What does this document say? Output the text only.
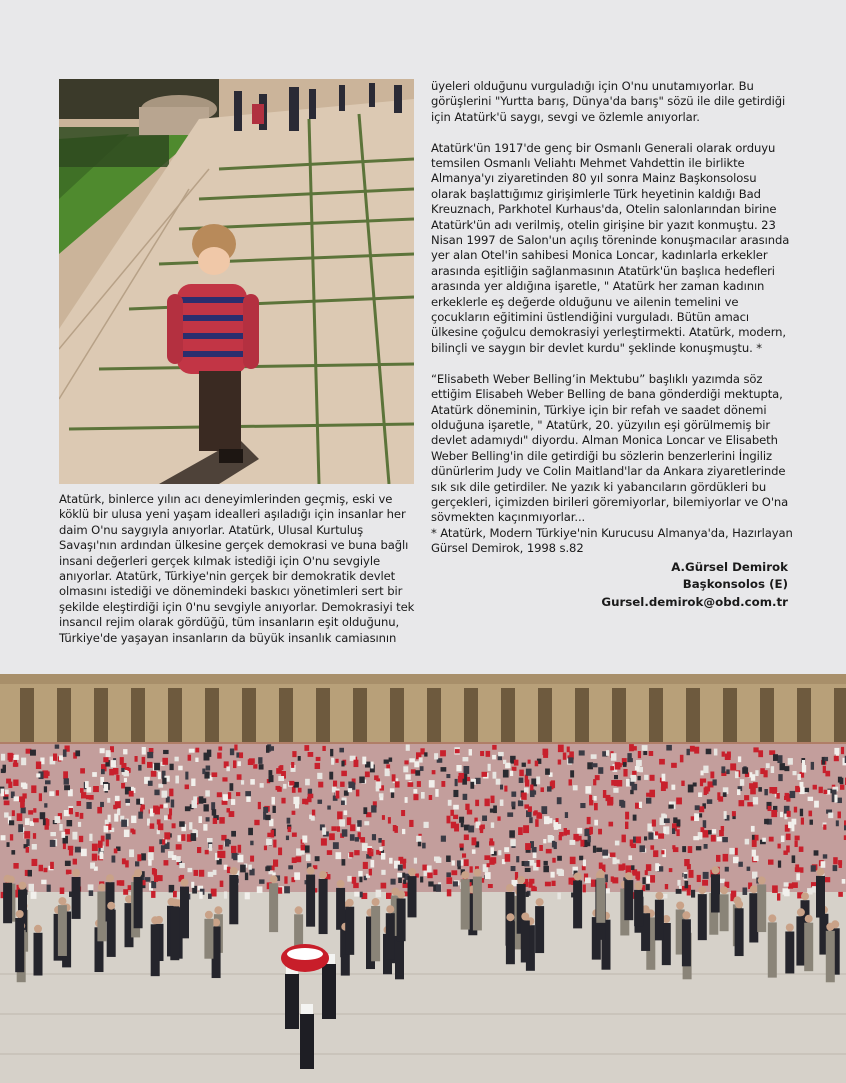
Atatürk, binlerce yılın acı deneyimlerinden geçmiş, eski ve köklü bir ulusa yeni yaşam idealleri aşıladığı için insanlar her daim O'nu saygıyla anıyorlar. Atatürk, Ulusal Kurtuluş Savaşı'nın ardından ülkesine gerçek demokrasi ve buna bağlı insani değerleri gerçek kılmak istediği için O'nu sevgiyle anıyorlar. Atatürk, Türkiye'nin gerçek bir demokratik devlet olmasını istediği ve dönemindeki baskıcı yönetimleri sert bir şekilde eleştirdiği için 0'nu sevgiyle anıyorlar. Demokrasiyi tek insancıl rejim olarak gördüğü, tüm insanların eşit olduğunu, Türkiye'de yaşayan insanların da büyük insanlık camiasının

üyeleri olduğunu vurguladığı için O'nu unutamıyorlar. Bu görüşlerini "Yurtta barış, Dünya'da barış" sözü ile dile getirdiği için Atatürk'ü saygı, sevgi ve özlemle anıyorlar.

Atatürk'ün 1917'de genç bir Osmanlı Generali olarak orduyu temsilen Osmanlı Veliahtı Mehmet Vahdettin ile birlikte Almanya'yı ziyaretinden 80 yıl sonra Mainz Başkonsolosu olarak başlattığımız girişimlerle Türk heyetinin kaldığı Bad Kreuznach, Parkhotel Kurhaus'da, Otelin salonlarından birine Atatürk'ün adı verilmiş, otelin girişine bir yazıt konmuştu. 23 Nisan 1997 de Salon'un açılış töreninde konuşmacılar arasında yer alan Otel'in sahibesi Monica Loncar, kadınlarla erkekler arasında eşitliğin sağlanmasının Atatürk'ün başlıca hedefleri arasında yer aldığına işaretle, " Atatürk her zaman kadının erkeklerle eş değerde olduğunu ve ailenin temelini ve çocukların eğitimini üstlendiğini vurguladı. Bütün amacı ülkesine çoğulcu demokrasiyi yerleştirmekti. Atatürk, modern, bilinçli ve saygın bir devlet kurdu" şeklinde konuşmuştu. *

“Elisabeth Weber Belling’in Mektubu” başlıklı yazımda söz ettiğim Elisabeh Weber Belling de bana gönderdiği mektupta, Atatürk döneminin, Türkiye için bir refah ve saadet dönemi olduğuna işaretle, " Atatürk, 20. yüzyılın eşi görülmemiş bir devlet adamıydı" diyordu. Alman Monica Loncar ve Elisabeth Weber Belling'in dile getirdiği bu sözlerin benzerlerini İngiliz dünürlerim Judy ve Colin Maitland'lar da Ankara ziyaretlerinde sık sık dile getirdiler. Ne yazık ki yabancıların gördükleri bu gerçekleri, içimizden birileri göremiyorlar, bilemiyorlar ve O'na sövmekten kaçınmıyorlar...

* Atatürk, Modern Türkiye'nin Kurucusu Almanya'da, Hazırlayan Gürsel Demirok, 1998 s.82

A.Gürsel Demirok
Başkonsolos (E)
Gursel.demirok@obd.com.tr
